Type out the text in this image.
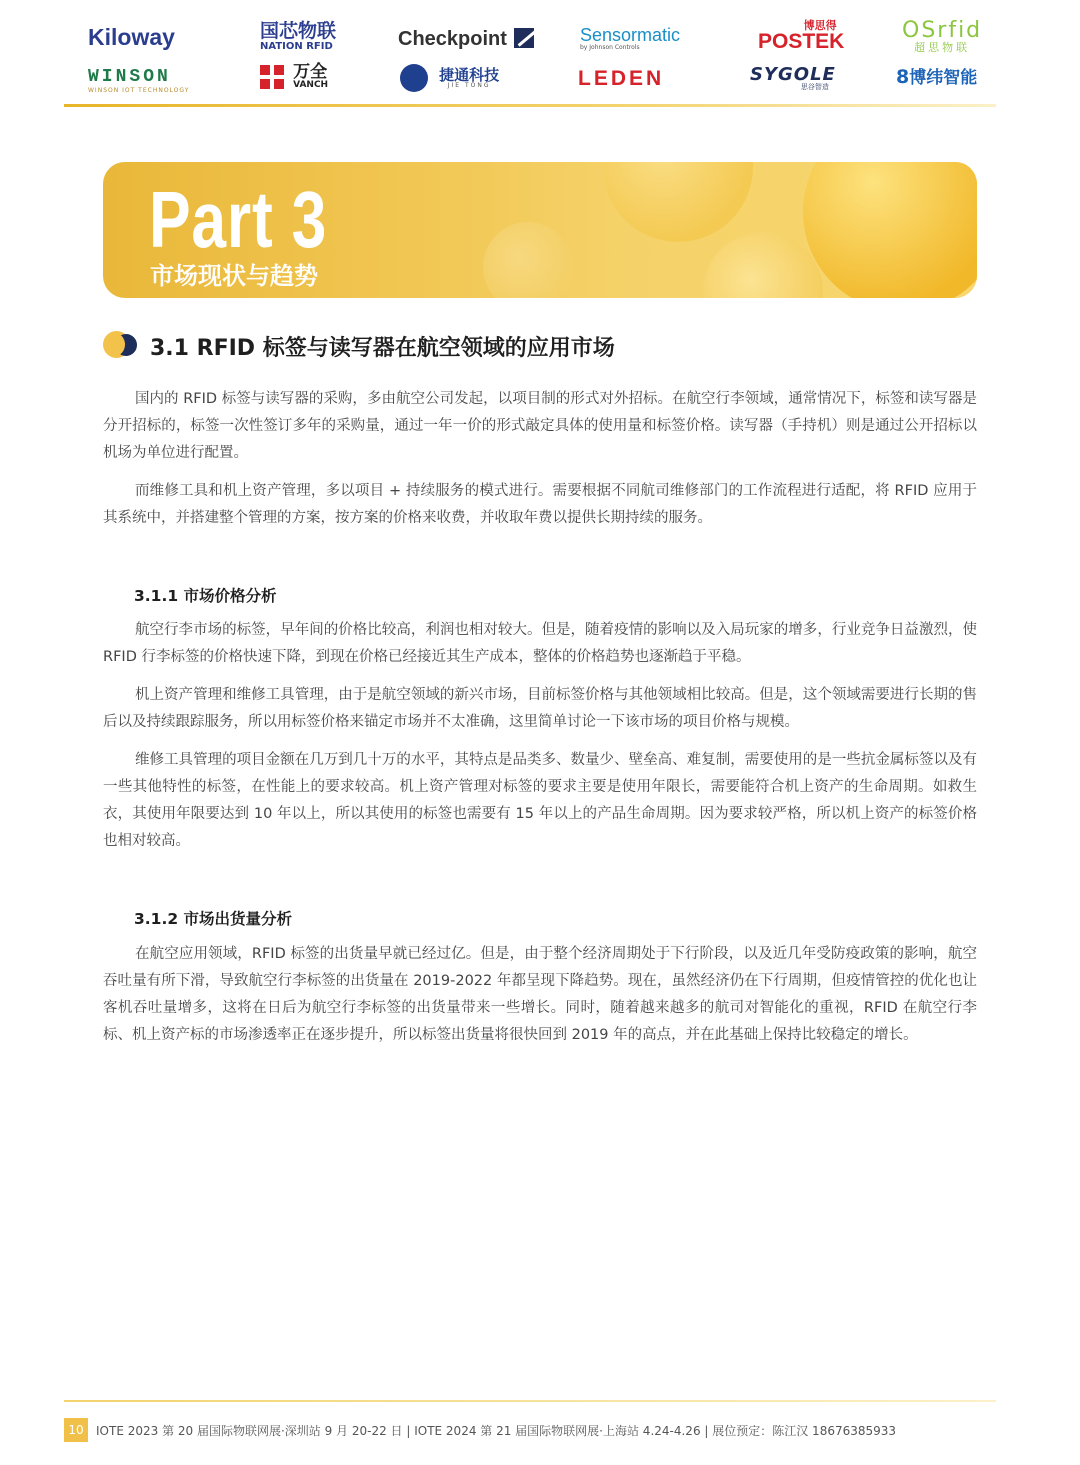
Kiloway
WINSON
WINSON IOT TECHNOLOGY
国芯物联
NATION RFID

万全
VANCH
Checkpoint

捷通科技
JIE TONG
Sensormatic
by Johnson Controls
LEDEN
博思得
POSTEK
SYGOLE
思谷智造
OSrfid
超思物联
8博纬智能
Part 3
市场现状与趋势
3.1 RFID 标签与读写器在航空领域的应用市场

国内的 RFID 标签与读写器的采购，多由航空公司发起，以项目制的形式对外招标。在航空行李领域，通常情况下，标签和读写器是分开招标的，标签一次性签订多年的采购量，通过一年一价的形式敲定具体的使用量和标签价格。读写器（手持机）则是通过公开招标以机场为单位进行配置。

而维修工具和机上资产管理，多以项目 + 持续服务的模式进行。需要根据不同航司维修部门的工作流程进行适配，将 RFID 应用于其系统中，并搭建整个管理的方案，按方案的价格来收费，并收取年费以提供长期持续的服务。

3.1.1 市场价格分析

航空行李市场的标签，早年间的价格比较高，利润也相对较大。但是，随着疫情的影响以及入局玩家的增多，行业竞争日益激烈，使 RFID 行李标签的价格快速下降，到现在价格已经接近其生产成本，整体的价格趋势也逐渐趋于平稳。

机上资产管理和维修工具管理，由于是航空领域的新兴市场，目前标签价格与其他领域相比较高。但是，这个领域需要进行长期的售后以及持续跟踪服务，所以用标签价格来锚定市场并不太准确，这里简单讨论一下该市场的项目价格与规模。

维修工具管理的项目金额在几万到几十万的水平，其特点是品类多、数量少、壁垒高、难复制，需要使用的是一些抗金属标签以及有一些其他特性的标签，在性能上的要求较高。机上资产管理对标签的要求主要是使用年限长，需要能符合机上资产的生命周期。如救生衣，其使用年限要达到 10 年以上，所以其使用的标签也需要有 15 年以上的产品生命周期。因为要求较严格，所以机上资产的标签价格也相对较高。

3.1.2 市场出货量分析

在航空应用领域，RFID 标签的出货量早就已经过亿。但是，由于整个经济周期处于下行阶段，以及近几年受防疫政策的影响，航空吞吐量有所下滑，导致航空行李标签的出货量在 2019-2022 年都呈现下降趋势。现在，虽然经济仍在下行周期，但疫情管控的优化也让客机吞吐量增多，这将在日后为航空行李标签的出货量带来一些增长。同时，随着越来越多的航司对智能化的重视，RFID 在航空行李标、机上资产标的市场渗透率正在逐步提升，所以标签出货量将很快回到 2019 年的高点，并在此基础上保持比较稳定的增长。

10	IOTE 2023 第 20 届国际物联网展·深圳站 9 月 20-22 日 | IOTE 2024 第 21 届国际物联网展·上海站 4.24-4.26 | 展位预定：陈江汉 18676385933
